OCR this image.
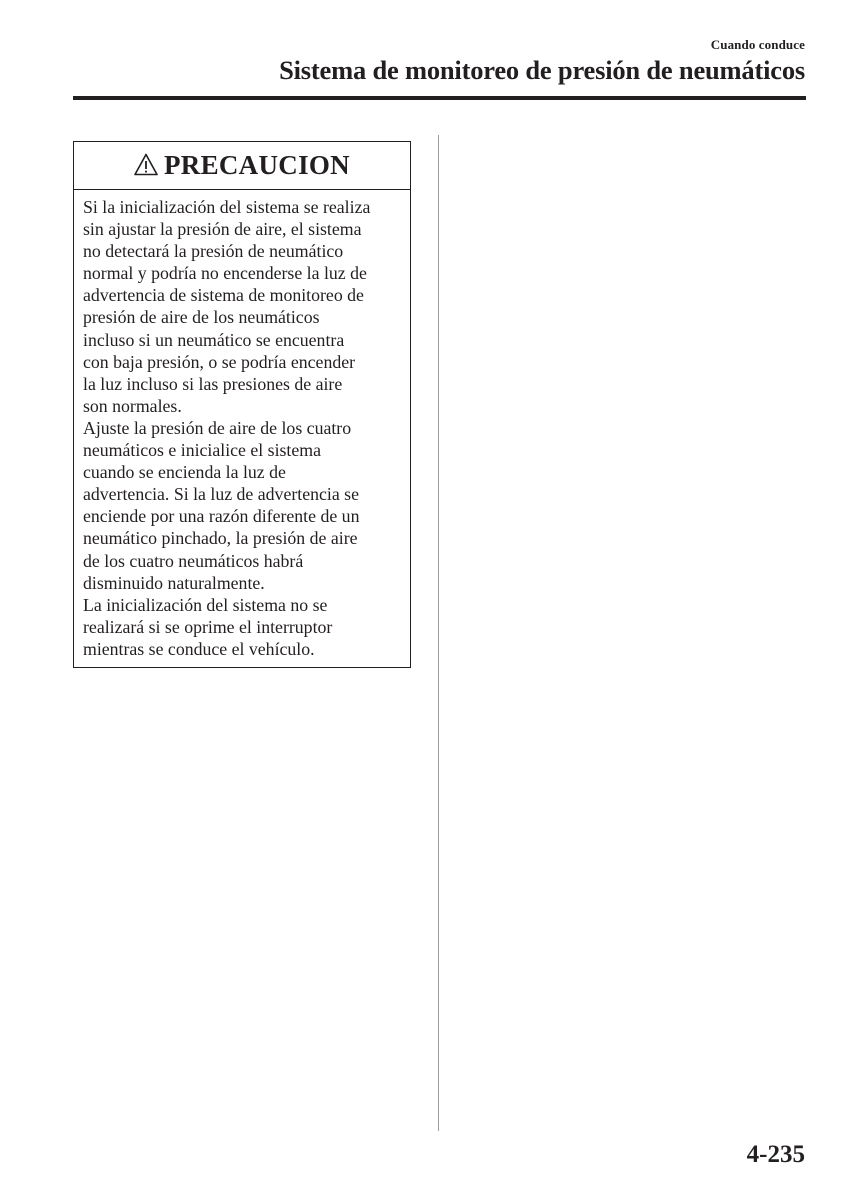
Cuando conduce
Sistema de monitoreo de presión de neumáticos
PRECAUCION

Si la inicialización del sistema se realiza
sin ajustar la presión de aire, el sistema
no detectará la presión de neumático
normal y podría no encenderse la luz de
advertencia de sistema de monitoreo de
presión de aire de los neumáticos
incluso si un neumático se encuentra
con baja presión, o se podría encender
la luz incluso si las presiones de aire
son normales.

Ajuste la presión de aire de los cuatro
neumáticos e inicialice el sistema
cuando se encienda la luz de
advertencia. Si la luz de advertencia se
enciende por una razón diferente de un
neumático pinchado, la presión de aire
de los cuatro neumáticos habrá
disminuido naturalmente.

La inicialización del sistema no se
realizará si se oprime el interruptor
mientras se conduce el vehículo.

4-235
